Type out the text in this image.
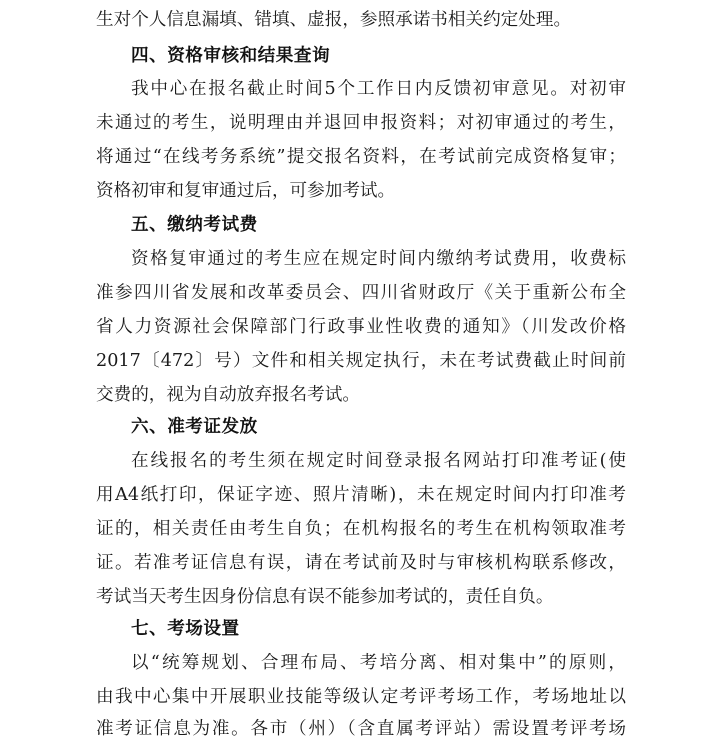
生对个人信息漏填、错填、虚报，参照承诺书相关约定处理。
四、资格审核和结果查询
我中心在报名截止时间5个工作日内反馈初审意见。对初审
未通过的考生，说明理由并退回申报资料；对初审通过的考生，
将通过“在线考务系统”提交报名资料，在考试前完成资格复审；
资格初审和复审通过后，可参加考试。
五、缴纳考试费
资格复审通过的考生应在规定时间内缴纳考试费用，收费标
准参四川省发展和改革委员会、四川省财政厅《关于重新公布全
省人力资源社会保障部门行政事业性收费的通知》（川发改价格
2017〔472〕号）文件和相关规定执行，未在考试费截止时间前
交费的，视为自动放弃报名考试。
六、准考证发放
在线报名的考生须在规定时间登录报名网站打印准考证(使
用A4纸打印，保证字迹、照片清晰)，未在规定时间内打印准考
证的，相关责任由考生自负；在机构报名的考生在机构领取准考
证。若准考证信息有误，请在考试前及时与审核机构联系修改，
考试当天考生因身份信息有误不能参加考试的，责任自负。
七、考场设置
以“统筹规划、合理布局、考培分离、相对集中”的原则，
由我中心集中开展职业技能等级认定考评考场工作，考场地址以
准考证信息为准。各市（州）（含直属考评站）需设置考评考场
